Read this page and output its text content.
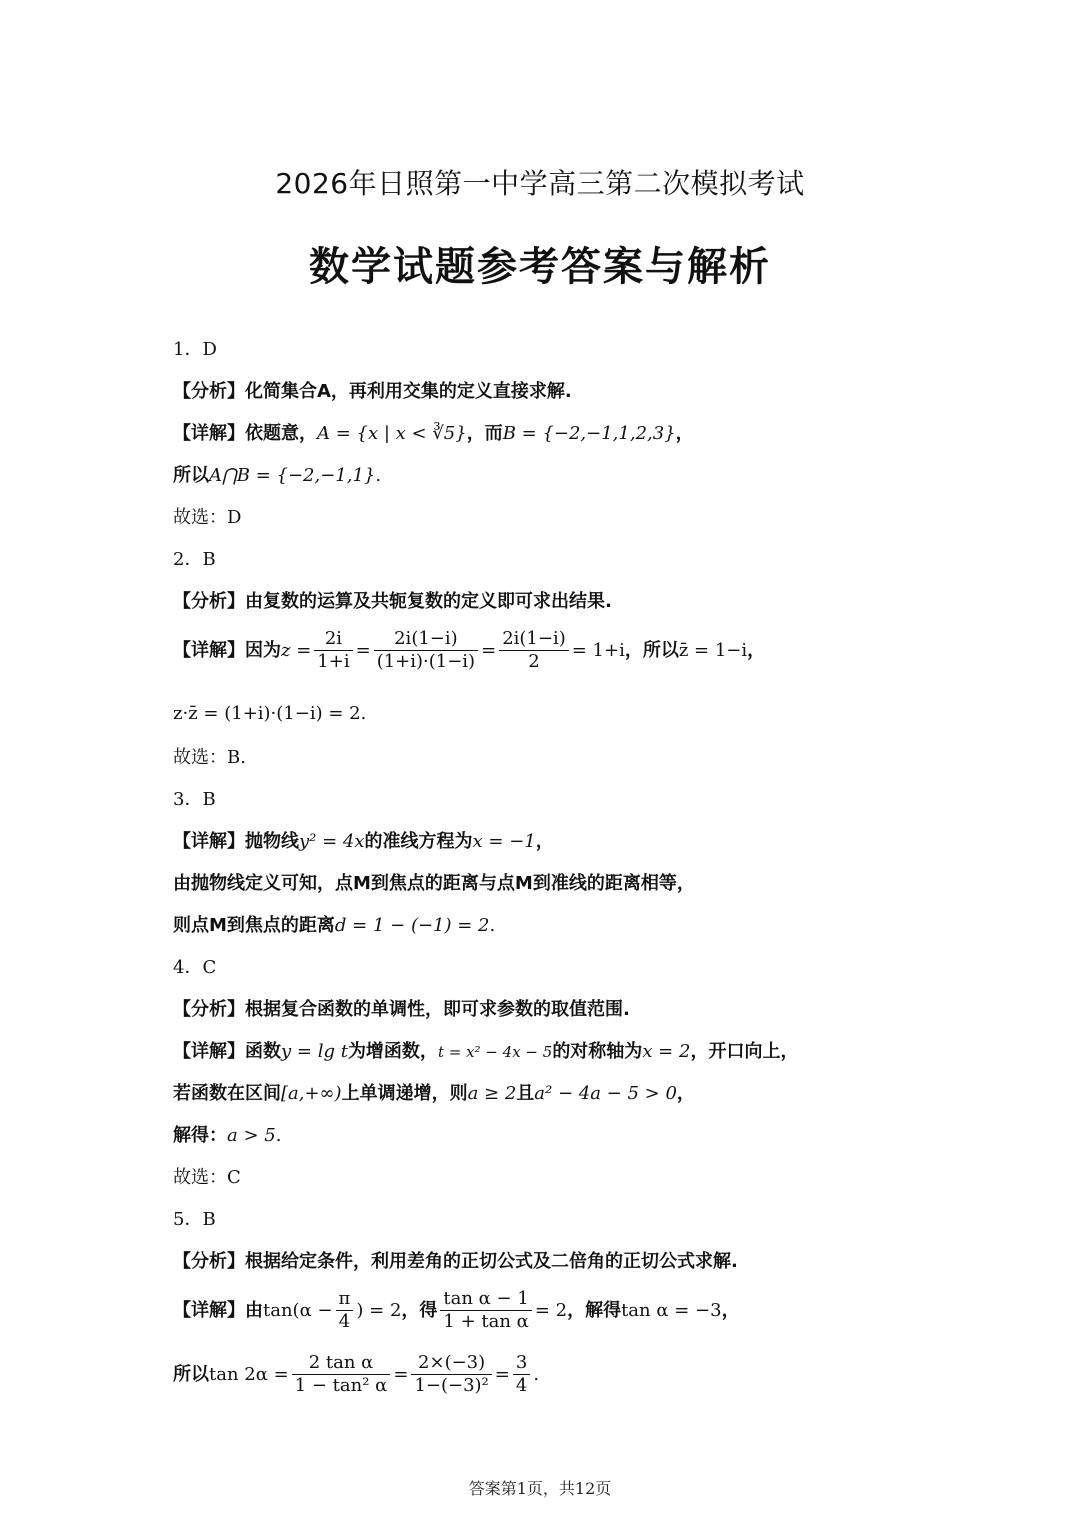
2026年日照第一中学高三第二次模拟考试
数学试题参考答案与解析
1．D
【分析】化简集合A，再利用交集的定义直接求解.
【详解】依题意，A = {x | x < ∛5}，而B = {−2,−1,1,2,3}，
所以A⋂B = {−2,−1,1}.
故选：D
2．B
【分析】由复数的运算及共轭复数的定义即可求出结果.
【详解】 因为 $z = \frac{2i}{1+i} = \frac{2i(1-i)}{(1+i)\cdot(1-i)} = \frac{2i(1-i)}{2} = 1+i$ ，所以 z̄ = 1−i ，
z·z̄ = (1+i)·(1−i) = 2.
故选：B.
3．B
【详解】抛物线y² = 4x的准线方程为x = −1，
由抛物线定义可知，点M到焦点的距离与点M到准线的距离相等，
则点M到焦点的距离d = 1 − (−1) = 2.
4．C
【分析】根据复合函数的单调性，即可求参数的取值范围.
【详解】函数y = lg t为增函数，t = x² − 4x − 5的对称轴为x = 2，开口向上，
若函数在区间[a,+∞)上单调递增，则a ≥ 2且a² − 4a − 5 > 0，
解得：a > 5.
故选：C
5．B
【分析】根据给定条件，利用差角的正切公式及二倍角的正切公式求解.
【详解】 由 $\tan(\alpha - \frac{\pi}{4}$ ) = 2 ，得 $\frac{\text{tan α − 1}}{\text{1 + tan α}} = 2$ ，解得 tan α = −3 ，
所以 $\tan 2\alpha = \frac{\text{2 tan α}}{\text{1 − tan² α}} = \frac{2\times(-3)}{\text{1−(−3)²}} = \frac{3}{4}$ .
答案第1页，共12页
